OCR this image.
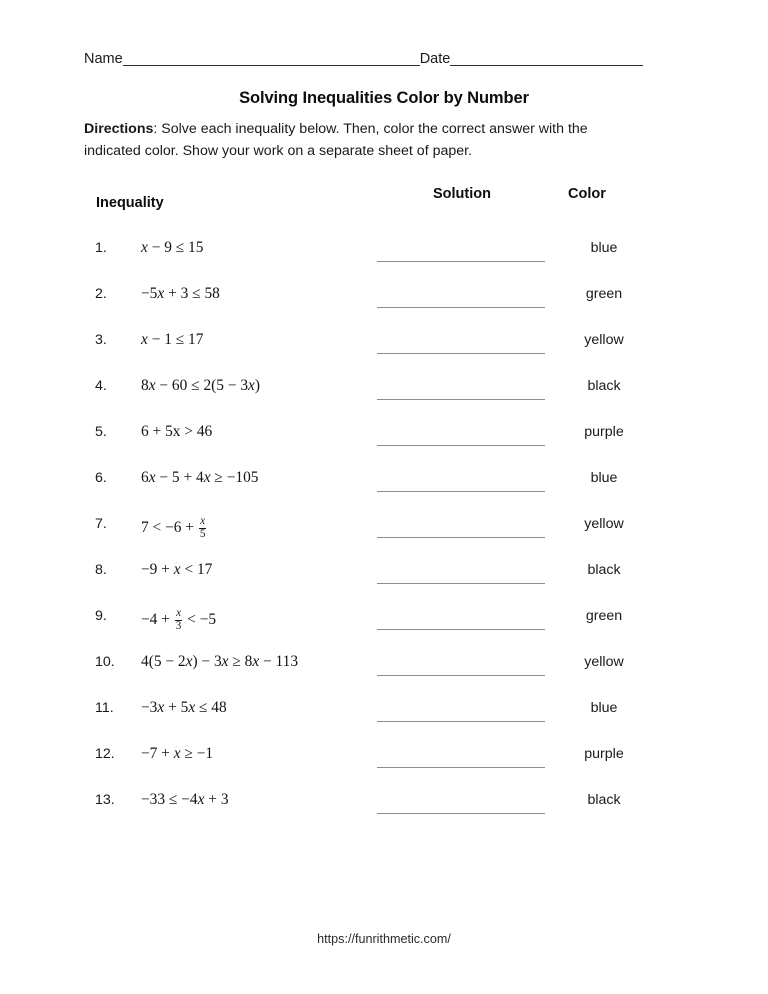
Name	Date
Solving Inequalities Color by Number
Directions: Solve each inequality below. Then, color the correct answer with the indicated color. Show your work on a separate sheet of paper.
Inequality
Solution	Color
1. x − 9 ≤ 15	blue
2. −5x + 3 ≤ 58	green
3. x − 1 ≤ 17	yellow
4. 8x − 60 ≤ 2(5 − 3x)	black
5. 6 + 5x > 46	purple
6. 6x − 5 + 4x ≥ −105	blue
7. $7 < -6 + \frac{x}{5}$	yellow
8. −9 + x < 17	black
9. $-4 + \frac{x}{3} < -5$	green
10. 4(5 − 2x) − 3x ≥ 8x − 113	yellow
11. −3x + 5x ≤ 48	blue
12. −7 + x ≥ −1	purple
13. −33 ≤ −4x + 3	black
https://funrithmetic.com/
